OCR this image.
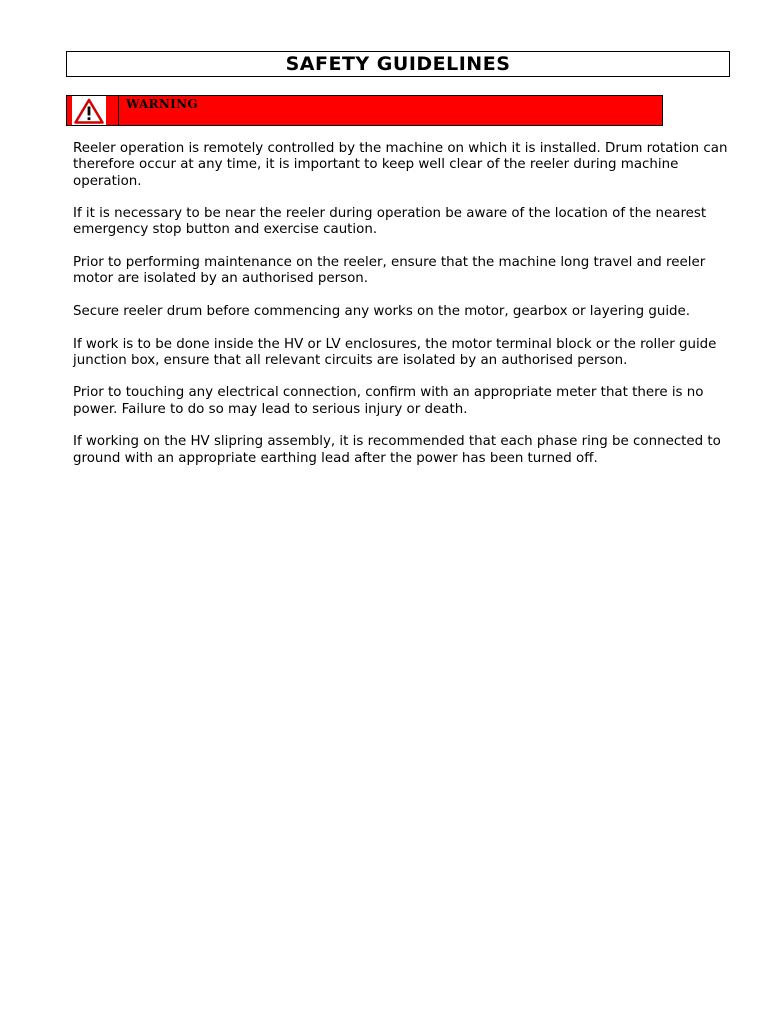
SAFETY GUIDELINES
WARNING

Reeler operation is remotely controlled by the machine on which it is installed. Drum rotation can therefore occur at any time, it is important to keep well clear of the reeler during machine operation.

If it is necessary to be near the reeler during operation be aware of the location of the nearest emergency stop button and exercise caution.

Prior to performing maintenance on the reeler, ensure that the machine long travel and reeler motor are isolated by an authorised person.

Secure reeler drum before commencing any works on the motor, gearbox or layering guide.

If work is to be done inside the HV or LV enclosures, the motor terminal block or the roller guide junction box, ensure that all relevant circuits are isolated by an authorised person.

Prior to touching any electrical connection, confirm with an appropriate meter that there is no power. Failure to do so may lead to serious injury or death.

If working on the HV slipring assembly, it is recommended that each phase ring be connected to ground with an appropriate earthing lead after the power has been turned off.
